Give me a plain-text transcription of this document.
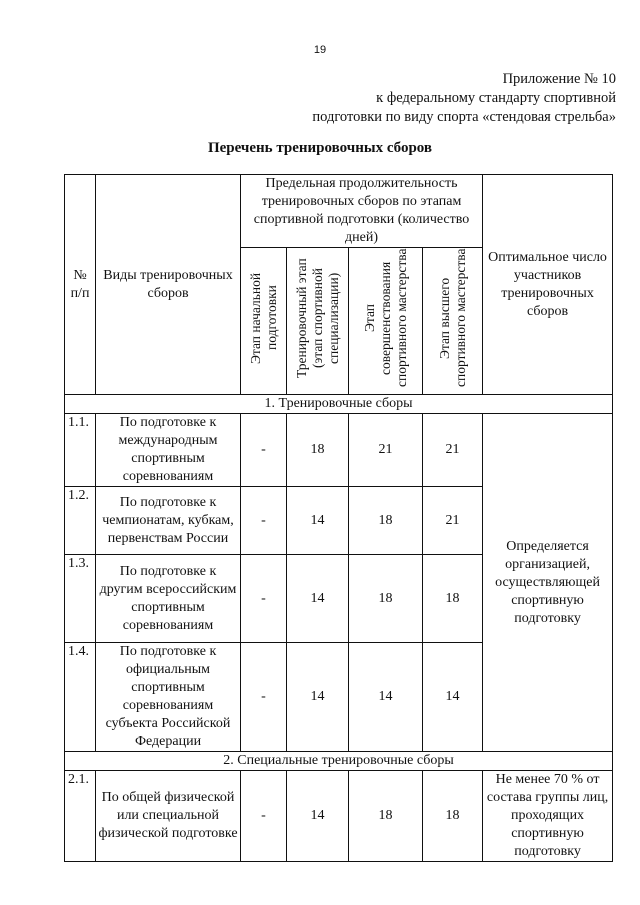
19
Приложение № 10
к федеральному стандарту спортивной
подготовки по виду спорта «стендовая стрельба»
Перечень тренировочных сборов
№ п/п	Виды тренировочных сборов	Предельная продолжительность тренировочных сборов по этапам спортивной подготовки (количество дней)				Оптимальное число участников тренировочных сборов
		Этап начальной подготовки	Тренировочный этап (этап спортивной специализации)	Этап совершенствования спортивного мастерства	Этап высшего спортивного мастерства	
1. Тренировочные сборы						
1.1.	По подготовке к международным спортивным соревнованиям	-	18	21	21	Определяется организацией, осуществляющей спортивную подготовку
1.2.	По подготовке к чемпионатам, кубкам, первенствам России	-	14	18	21	
1.3.	По подготовке к другим всероссийским спортивным соревнованиям	-	14	18	18	
1.4.	По подготовке к официальным спортивным соревнованиям субъекта Российской Федерации	-	14	14	14	
2. Специальные тренировочные сборы						
2.1.	По общей физической или специальной физической подготовке	-	14	18	18	Не менее 70 % от состава группы лиц, проходящих спортивную подготовку
